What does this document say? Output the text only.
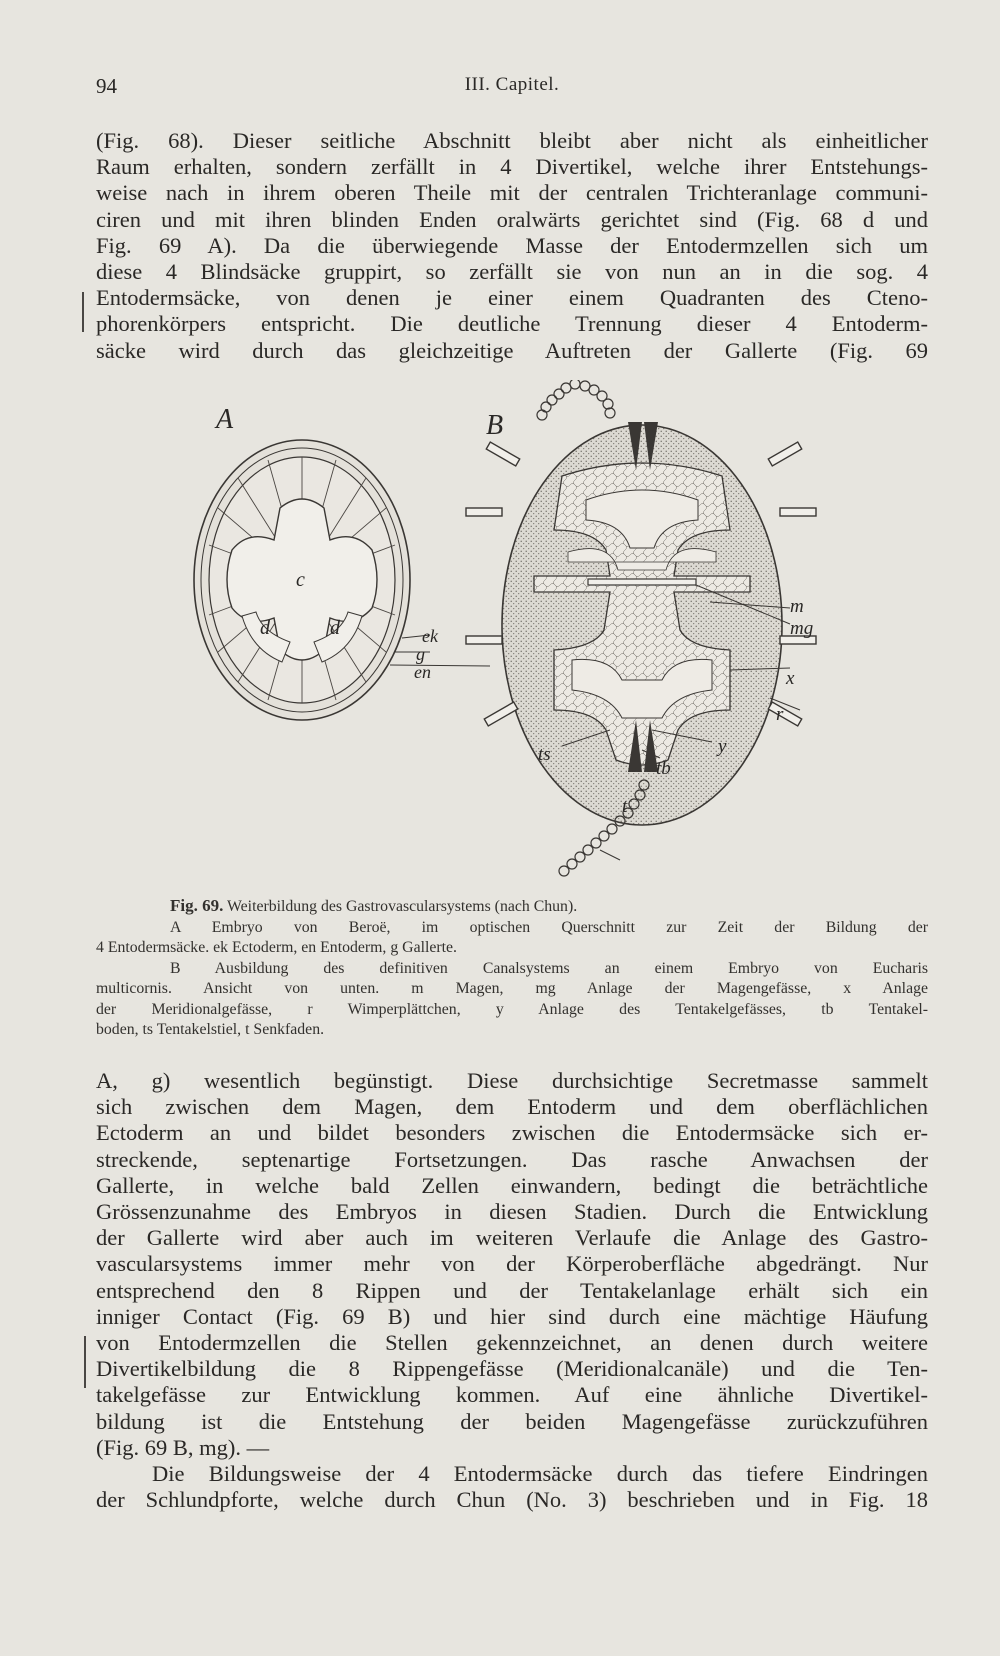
94	III. Capitel.
(Fig. 68). Dieser seitliche Abschnitt bleibt aber nicht als einheitlicher
Raum erhalten, sondern zerfällt in 4 Divertikel, welche ihrer Entstehungs-
weise nach in ihrem oberen Theile mit der centralen Trichteranlage communi-
ciren und mit ihren blinden Enden oralwärts gerichtet sind (Fig. 68 d und
Fig. 69 A). Da die überwiegende Masse der Entodermzellen sich um
diese 4 Blindsäcke gruppirt, so zerfällt sie von nun an in die sog. 4
Entodermsäcke, von denen je einer einem Quadranten des Cteno-
phorenkörpers entspricht. Die deutliche Trennung dieser 4 Entoderm-
säcke wird durch das gleichzeitige Auftreten der Gallerte (Fig. 69
A
c
d	d	ek
g
en
B
m
mg
x
r
y
tb
ts
t
Fig. 69. Weiterbildung des Gastrovascularsystems (nach Chun).
A Embryo von Beroë, im optischen Querschnitt zur Zeit der Bildung der
4 Entodermsäcke. ek Ectoderm, en Entoderm, g Gallerte.
B Ausbildung des definitiven Canalsystems an einem Embryo von Eucharis
multicornis. Ansicht von unten. m Magen, mg Anlage der Magengefässe, x Anlage
der Meridionalgefässe, r Wimperplättchen, y Anlage des Tentakelgefässes, tb Tentakel-
boden, ts Tentakelstiel, t Senkfaden.
A, g) wesentlich begünstigt. Diese durchsichtige Secretmasse sammelt
sich zwischen dem Magen, dem Entoderm und dem oberflächlichen
Ectoderm an und bildet besonders zwischen die Entodermsäcke sich er-
streckende, septenartige Fortsetzungen. Das rasche Anwachsen der
Gallerte, in welche bald Zellen einwandern, bedingt die beträchtliche
Grössenzunahme des Embryos in diesen Stadien. Durch die Entwicklung
der Gallerte wird aber auch im weiteren Verlaufe die Anlage des Gastro-
vascularsystems immer mehr von der Körperoberfläche abgedrängt. Nur
entsprechend den 8 Rippen und der Tentakelanlage erhält sich ein
inniger Contact (Fig. 69 B) und hier sind durch eine mächtige Häufung
von Entodermzellen die Stellen gekennzeichnet, an denen durch weitere
Divertikelbildung die 8 Rippengefässe (Meridionalcanäle) und die Ten-
takelgefässe zur Entwicklung kommen. Auf eine ähnliche Divertikel-
bildung ist die Entstehung der beiden Magengefässe zurückzuführen
(Fig. 69 B, mg). —
Die Bildungsweise der 4 Entodermsäcke durch das tiefere Eindringen
der Schlundpforte, welche durch Chun (No. 3) beschrieben und in Fig. 18
